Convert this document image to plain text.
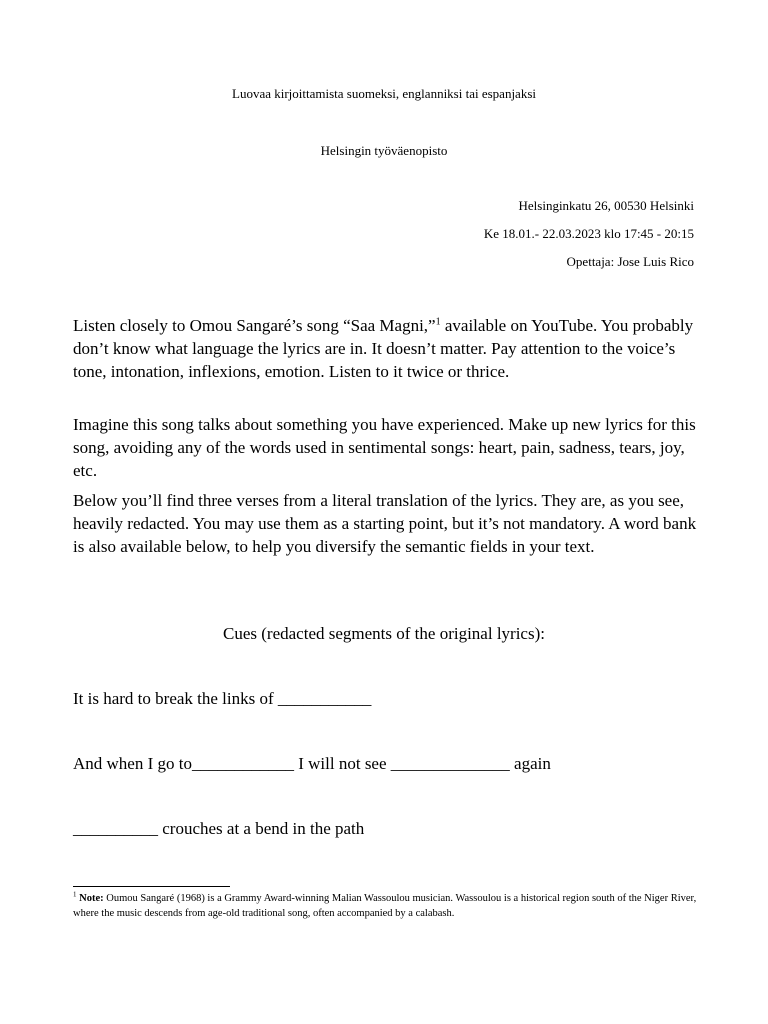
Luovaa kirjoittamista suomeksi, englanniksi tai espanjaksi
Helsingin työväenopisto
Helsinginkatu 26, 00530 Helsinki
Ke 18.01.- 22.03.2023 klo 17:45 - 20:15
Opettaja: Jose Luis Rico

Listen closely to Omou Sangaré’s song “Saa Magni,”$^1$ available on YouTube. You probably don’t know what language the lyrics are in. It doesn’t matter. Pay attention to the voice’s tone, intonation, inflexions, emotion. Listen to it twice or thrice.

Imagine this song talks about something you have experienced. Make up new lyrics for this song, avoiding any of the words used in sentimental songs: heart, pain, sadness, tears, joy, etc.

Below you’ll find three verses from a literal translation of the lyrics. They are, as you see, heavily redacted. You may use them as a starting point, but it’s not mandatory. A word bank is also available below, to help you diversify the semantic fields in your text.

Cues (redacted segments of the original lyrics):
It is hard to break the links of ___________
And when I go to____________ I will not see ______________ again
__________ crouches at a bend in the path

$^1$ Note: Oumou Sangaré (1968) is a Grammy Award-winning Malian Wassoulou musician. Wassoulou is a historical region south of the Niger River, where the music descends from age-old traditional song, often accompanied by a calabash.
